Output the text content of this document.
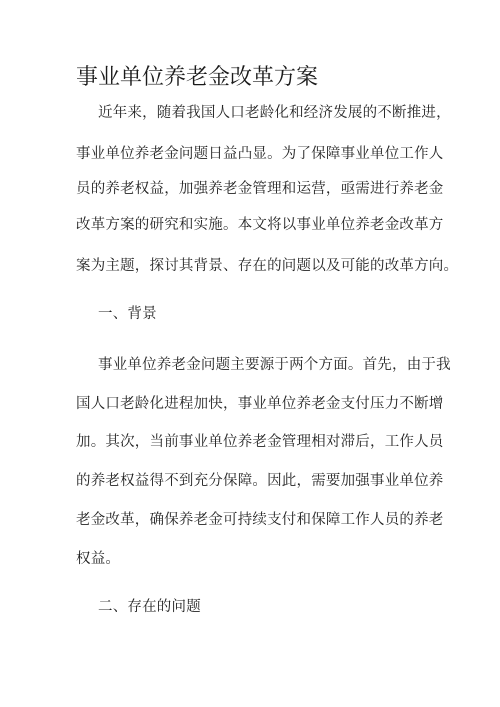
事业单位养老金改革方案
近年来，随着我国人口老龄化和经济发展的不断推进，
事业单位养老金问题日益凸显。为了保障事业单位工作人
员的养老权益，加强养老金管理和运营，亟需进行养老金
改革方案的研究和实施。本文将以事业单位养老金改革方
案为主题，探讨其背景、存在的问题以及可能的改革方向。
一、背景
事业单位养老金问题主要源于两个方面。首先，由于我
国人口老龄化进程加快，事业单位养老金支付压力不断增
加。其次，当前事业单位养老金管理相对滞后，工作人员
的养老权益得不到充分保障。因此，需要加强事业单位养
老金改革，确保养老金可持续支付和保障工作人员的养老
权益。
二、存在的问题
